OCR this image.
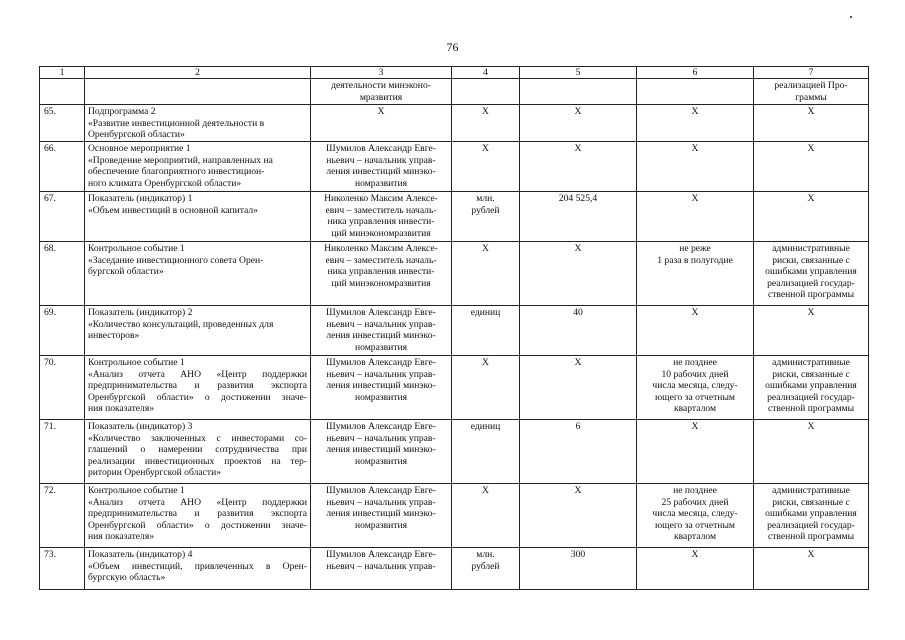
76
1	2	3	4	5	6	7

		деятельности минэконо-
мразвития				реализацией Про-
граммы

65.	Подпрограмма 2
«Развитие инвестиционной деятельности в
Оренбургской области»	Х	Х	Х	Х	Х

66.	Основное мероприятие 1
«Проведение мероприятий, направленных на
обеспечение благоприятного инвестицион-
ного климата Оренбургской области»	Шумилов Александр Евге-
ньевич – начальник управ-
ления инвестиций минэко-
номразвития	Х	Х	Х	Х

67.	Показатель (индикатор) 1
«Объем инвестиций в основной капитал»	Николенко Максим Алексе-
евич – заместитель началь-
ника управления инвести-
ций минэкономразвития	млн.
рублей	204 525,4	Х	Х

68.	Контрольное событие 1
«Заседание инвестиционного совета Орен-
бургской области»	Николенко Максим Алексе-
евич – заместитель началь-
ника управления инвести-
ций минэкономразвития	Х	Х	не реже
1 раза в полугодие	административные
риски, связанные с
ошибками управления
реализацией государ-
ственной программы

69.	Показатель (индикатор) 2
«Количество консультаций, проведенных для
инвесторов»	Шумилов Александр Евге-
ньевич – начальник управ-
ления инвестиций минэко-
номразвития	единиц	40	Х	Х

70.	Контрольное событие 1
«Анализ отчета АНО «Центр поддержки
предпринимательства и развития экспорта
Оренбургской области» о достижении значе-
ния показателя»	Шумилов Александр Евге-
ньевич – начальник управ-
ления инвестиций минэко-
номразвития	Х	Х	не позднее
10 рабочих дней
числа месяца, следу-
ющего за отчетным
кварталом	административные
риски, связанные с
ошибками управления
реализацией государ-
ственной программы

71.	Показатель (индикатор) 3
«Количество заключенных с инвесторами со-
глашений о намерении сотрудничества при
реализации инвестиционных проектов на тер-
ритории Оренбургской области»	Шумилов Александр Евге-
ньевич – начальник управ-
ления инвестиций минэко-
номразвития	единиц	6	Х	Х

72.	Контрольное событие 1
«Анализ отчета АНО «Центр поддержки
предпринимательства и развития экспорта
Оренбургской области» о достижении значе-
ния показателя»	Шумилов Александр Евге-
ньевич – начальник управ-
ления инвестиций минэко-
номразвития	Х	Х	не позднее
25 рабочих дней
числа месяца, следу-
ющего за отчетным
кварталом	административные
риски, связанные с
ошибками управления
реализацией государ-
ственной программы

73.	Показатель (индикатор) 4
«Объем инвестиций, привлеченных в Орен-
бургскую область»	Шумилов Александр Евге-
ньевич – начальник управ-	млн.
рублей	300	Х	Х
